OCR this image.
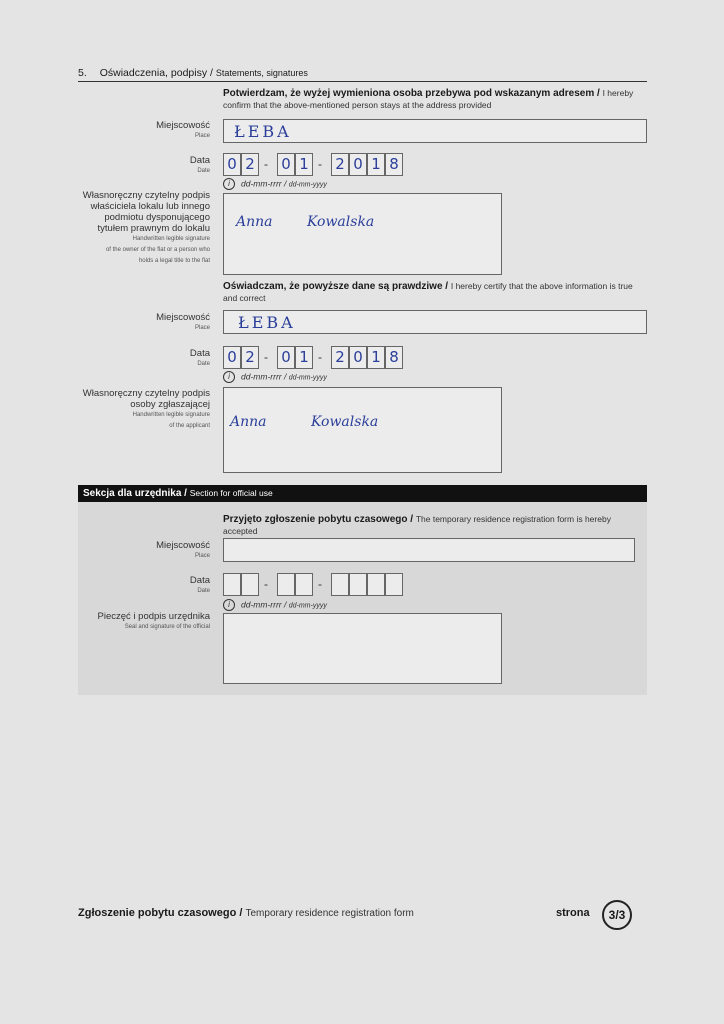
5. Oświadczenia, podpisy / Statements, signatures
Potwierdzam, że wyżej wymieniona osoba przebywa pod wskazanym adresem / I hereby confirm that the above-mentioned person stays at the address provided
Miejscowość
Place ŁEBA
Data
Date 0 2 - 0 1 - 2 0 1 8
i dd-mm-rrrr / dd-mm-yyyy
Własnoręczny czytelny podpis
właściciela lokalu lub innego
podmiotu dysponującego
tytułem prawnym do lokalu
Handwritten legible signature
of the owner of the flat or a person who
holds a legal title to the flat
Anna Kowalska
Oświadczam, że powyższe dane są prawdziwe / I hereby certify that the above information is true and correct
Miejscowość
Place ŁEBA
Data
Date 0 2 - 0 1 - 2 0 1 8
i dd-mm-rrrr / dd-mm-yyyy
Własnoręczny czytelny podpis
osoby zgłaszającej
Handwritten legible signature
of the applicant Anna Kowalska
Sekcja dla urzędnika / Section for official use
Przyjęto zgłoszenie pobytu czasowego / The temporary residence registration form is hereby accepted
Miejscowość
Place
Data
Date	-	-
i dd-mm-rrrr / dd-mm-yyyy
Pieczęć i podpis urzędnika
Seal and signature of the official
Zgłoszenie pobytu czasowego / Temporary residence registration form	strona	3/3
